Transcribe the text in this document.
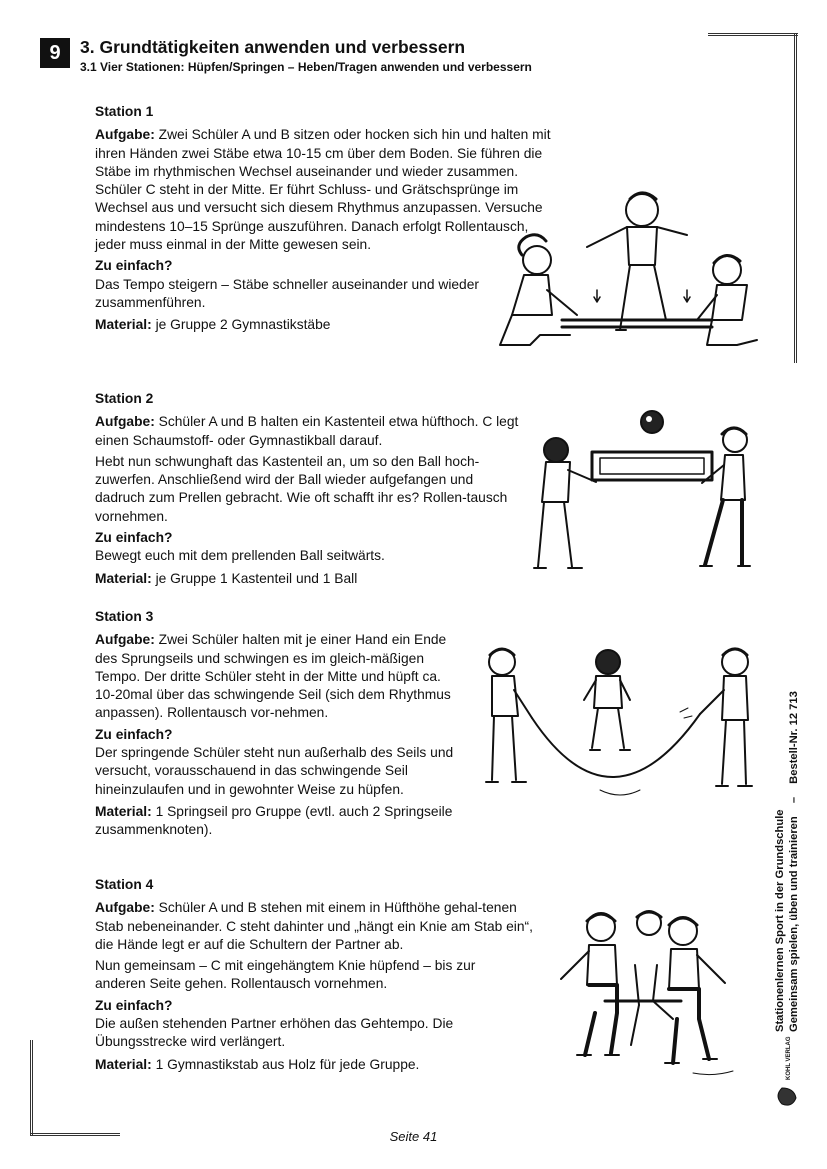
9	3. Grundtätigkeiten anwenden und verbessern
3.1 Vier Stationen: Hüpfen/Springen – Heben/Tragen anwenden und verbessern
Station 1

Aufgabe: Zwei Schüler A und B sitzen oder hocken sich hin und halten mit ihren Händen zwei Stäbe etwa 10-15 cm über dem Boden. Sie führen die Stäbe im rhythmischen Wechsel auseinander und wieder zusammen. Schüler C steht in der Mitte. Er führt Schluss- und Grätschsprünge im Wechsel aus und versucht sich diesem Rhythmus anzupassen. Versuche mindestens 10–15 Sprünge auszuführen. Danach erfolgt Rollentausch, jeder muss einmal in der Mitte gewesen sein.

Zu einfach?

Das Tempo steigern – Stäbe schneller auseinander und wieder zusammenführen.

Material: je Gruppe 2 Gymnastikstäbe

Station 2

Aufgabe: Schüler A und B halten ein Kastenteil etwa hüfthoch. C legt einen Schaumstoff- oder Gymnastikball darauf.

Hebt nun schwunghaft das Kastenteil an, um so den Ball hoch-zuwerfen. Anschließend wird der Ball wieder aufgefangen und dadruch zum Prellen gebracht. Wie oft schafft ihr es? Rollen-tausch vornehmen.

Zu einfach?

Bewegt euch mit dem prellenden Ball seitwärts.

Material: je Gruppe 1 Kastenteil und 1 Ball

Station 3

Aufgabe: Zwei Schüler halten mit je einer Hand ein Ende des Sprungseils und schwingen es im gleich-mäßigen Tempo. Der dritte Schüler steht in der Mitte und hüpft ca. 10-20mal über das schwingende Seil (sich dem Rhythmus anpassen). Rollentausch vor-nehmen.

Zu einfach?

Der springende Schüler steht nun außerhalb des Seils und versucht, vorausschauend in das schwingende Seil hineinzulaufen und in gewohnter Weise zu hüpfen.

Material: 1 Springseil pro Gruppe (evtl. auch 2 Springseile zusammenknoten).

Station 4

Aufgabe: Schüler A und B stehen mit einem in Hüfthöhe gehal-tenen Stab nebeneinander. C steht dahinter und „hängt ein Knie am Stab ein“, die Hände legt er auf die Schultern der Partner ab.

Nun gemeinsam – C mit eingehängtem Knie hüpfend – bis zur anderen Seite gehen. Rollentausch vornehmen.

Zu einfach?

Die außen stehenden Partner erhöhen das Gehtempo. Die Übungsstrecke wird verlängert.

Material: 1 Gymnastikstab aus Holz für jede Gruppe.

Stationenlernen Sport in der Grundschule Gemeinsam spielen, üben und trainieren – Bestell-Nr. 12 713
KOHL VERLAG
Seite 41
